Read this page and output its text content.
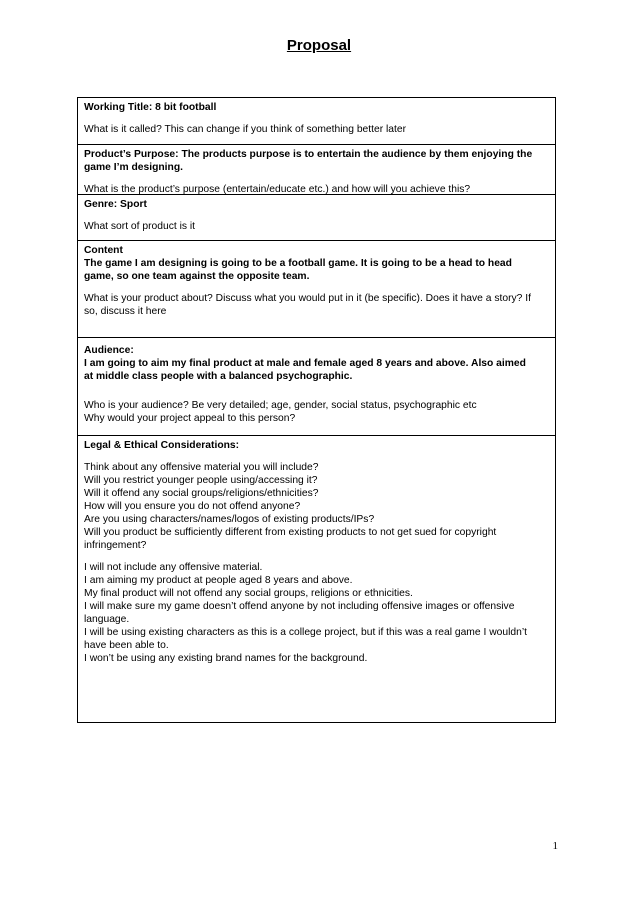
Proposal
Working Title: 8 bit football
What is it called? This can change if you think of something better later
Product’s Purpose: The products purpose is to entertain the audience by them enjoying the
game I’m designing.
What is the product’s purpose (entertain/educate etc.) and how will you achieve this?
Genre: Sport
What sort of product is it
Content
The game I am designing is going to be a football game. It is going to be a head to head
game, so one team against the opposite team.
What is your product about? Discuss what you would put in it (be specific). Does it have a story? If
so, discuss it here
Audience:
I am going to aim my final product at male and female aged 8 years and above. Also aimed
at middle class people with a balanced psychographic.
Who is your audience? Be very detailed; age, gender, social status, psychographic etc
Why would your project appeal to this person?
Legal & Ethical Considerations:
Think about any offensive material you will include?
Will you restrict younger people using/accessing it?
Will it offend any social groups/religions/ethnicities?
How will you ensure you do not offend anyone?
Are you using characters/names/logos of existing products/IPs?
Will you product be sufficiently different from existing products to not get sued for copyright
infringement?
I will not include any offensive material.
I am aiming my product at people aged 8 years and above.
My final product will not offend any social groups, religions or ethnicities.
I will make sure my game doesn’t offend anyone by not including offensive images or offensive
language.
I will be using existing characters as this is a college project, but if this was a real game I wouldn’t
have been able to.
I won’t be using any existing brand names for the background.
1
